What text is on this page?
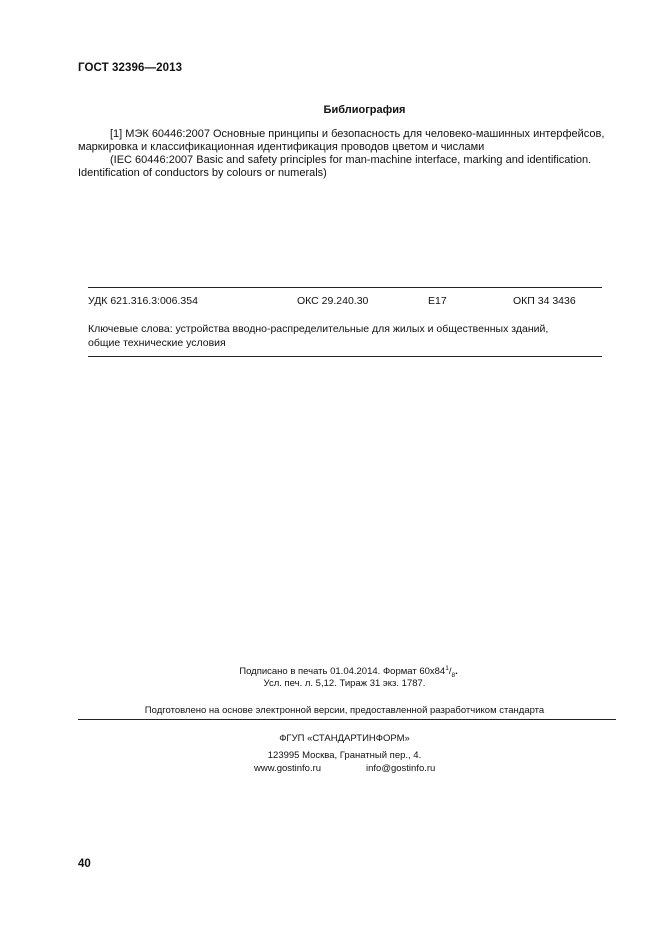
ГОСТ 32396—2013
Библиография
[1] МЭК 60446:2007 Основные принципы и безопасность для человеко-машинных интерфейсов,
маркировка и классификационная идентификация проводов цветом и числами
(IEC 60446:2007 Basic and safety principles for man-machine interface, marking and identification.
Identification of conductors by colours or numerals)
УДК 621.316.3:006.354	ОКС 29.240.30	Е17	ОКП 34 3436
Ключевые слова: устройства вводно-распределительные для жилых и общественных зданий,
общие технические условия
Подписано в печать 01.04.2014. Формат $60x84^1/_8$.
Усл. печ. л. 5,12. Тираж 31 экз. 1787.
Подготовлено на основе электронной версии, предоставленной разработчиком стандарта
ФГУП «СТАНДАРТИНФОРМ»
123995 Москва, Гранатный пер., 4.
www.gostinfo.ru	info@gostinfo.ru
40
